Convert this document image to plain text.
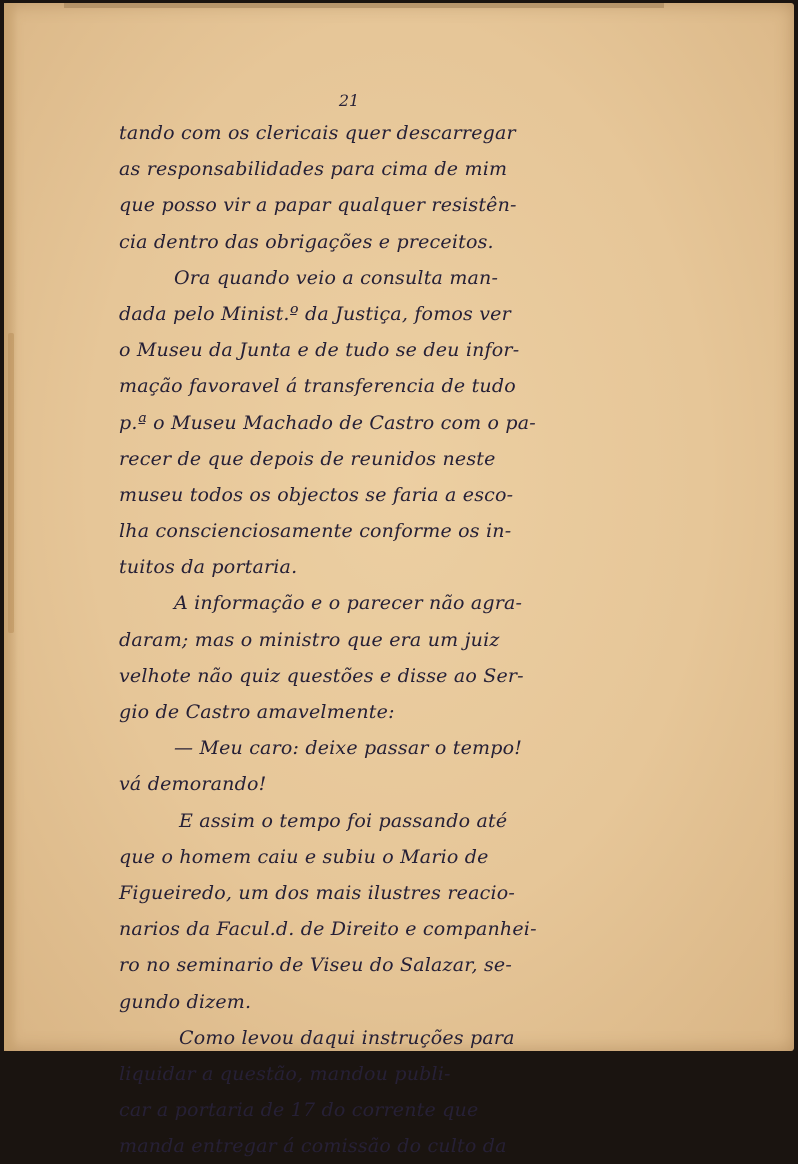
21
tando com os clericais quer descarregar
as responsabilidades para cima de mim
que posso vir a papar qualquer resistên-
cia dentro das obrigações e preceitos.
Ora quando veio a consulta man-
dada pelo Minist.º da Justiça, fomos ver
o Museu da Junta e de tudo se deu infor-
mação favoravel á transferencia de tudo
p.ª o Museu Machado de Castro com o pa-
recer de que depois de reunidos neste
museu todos os objectos se faria a esco-
lha conscienciosamente conforme os in-
tuitos da portaria.
A informação e o parecer não agra-
daram; mas o ministro que era um juiz
velhote não quiz questões e disse ao Ser-
gio de Castro amavelmente:
— Meu caro: deixe passar o tempo!
vá demorando!
E assim o tempo foi passando até
que o homem caiu e subiu o Mario de
Figueiredo, um dos mais ilustres reacio-
narios da Facul.d. de Direito e companhei-
ro no seminario de Viseu do Salazar, se-
gundo dizem.
Como levou daqui instruções para
liquidar a questão, mandou publi-
car a portaria de 17 do corrente que
manda entregar á comissão do culto da
